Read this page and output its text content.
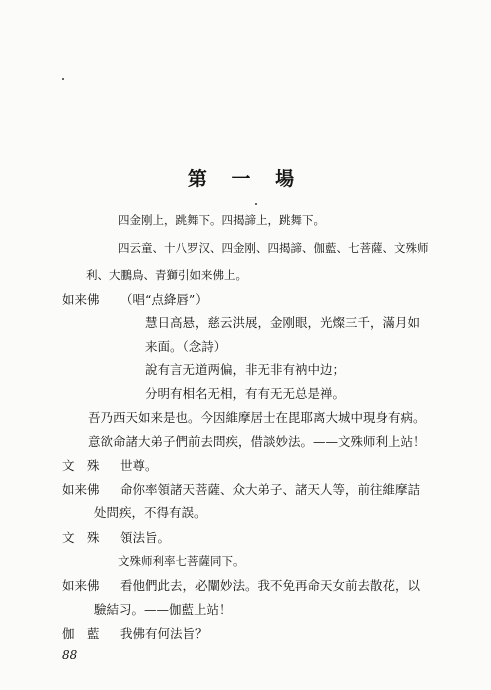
第 一 場
四金刚上，跳舞下。四揭諦上，跳舞下。
四云童、十八罗汉、四金刚、四揭諦、伽藍、七菩薩、文殊师
利、大鵬鳥、青獅引如来佛上。
如来佛 （唱“点絳唇”）
慧日高悬，慈云洪展，金刚眼，光燦三千，滿月如
来面。（念詩）
說有言无道两偏，非无非有衲中边；
分明有相名无相，有有无无总是禅。
吾乃西天如来是也。今因維摩居士在毘耶离大城中現身有病。
意欲命諸大弟子們前去問疾，借談妙法。——文殊师利上站！
文　殊 世尊。
如来佛 命你率領諸天菩薩、众大弟子、諸天人等，前往維摩詰
处問疾，不得有誤。
文　殊 領法旨。
文殊师利率七菩薩同下。
如来佛 看他們此去，必闡妙法。我不免再命天女前去散花，以
驗結习。——伽藍上站！
伽　藍 我佛有何法旨？
88
